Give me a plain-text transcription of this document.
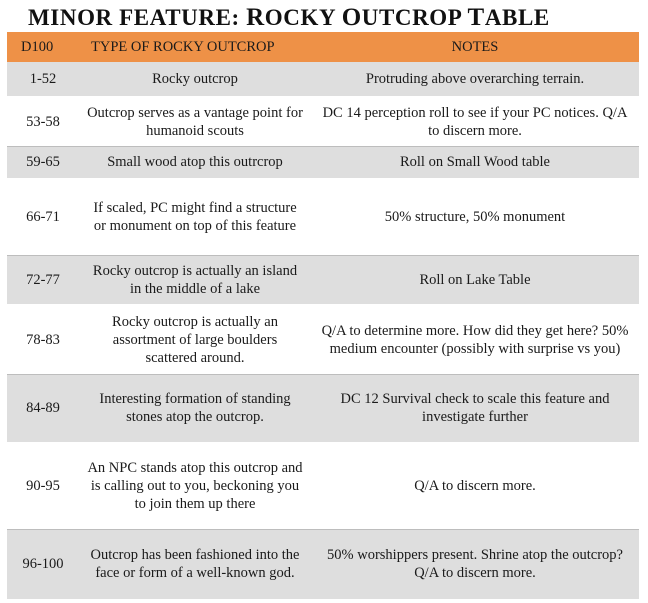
MINOR FEATURE: ROCKY OUTCROP TABLE
D100	TYPE OF ROCKY OUTCROP	NOTES
1-52	Rocky outcrop	Protruding above overarching terrain.
53-58	Outcrop serves as a vantage point for humanoid scouts	DC 14 perception roll to see if your PC notices. Q/A to discern more.
59-65	Small wood atop this outrcrop	Roll on Small Wood table
66-71	If scaled, PC might find a structure or monument on top of this feature	50% structure, 50% monument
72-77	Rocky outcrop is actually an island in the middle of a lake	Roll on Lake Table
78-83	Rocky outcrop is actually an assortment of large boulders scattered around.	Q/A to determine more. How did they get here? 50% medium encounter (possibly with surprise vs you)
84-89	Interesting formation of standing stones atop the outcrop.	DC 12 Survival check to scale this feature and investigate further
90-95	An NPC stands atop this outcrop and is calling out to you, beckoning you to join them up there	Q/A to discern more.
96-100	Outcrop has been fashioned into the face or form of a well-known god.	50% worshippers present. Shrine atop the outcrop? Q/A to discern more.
